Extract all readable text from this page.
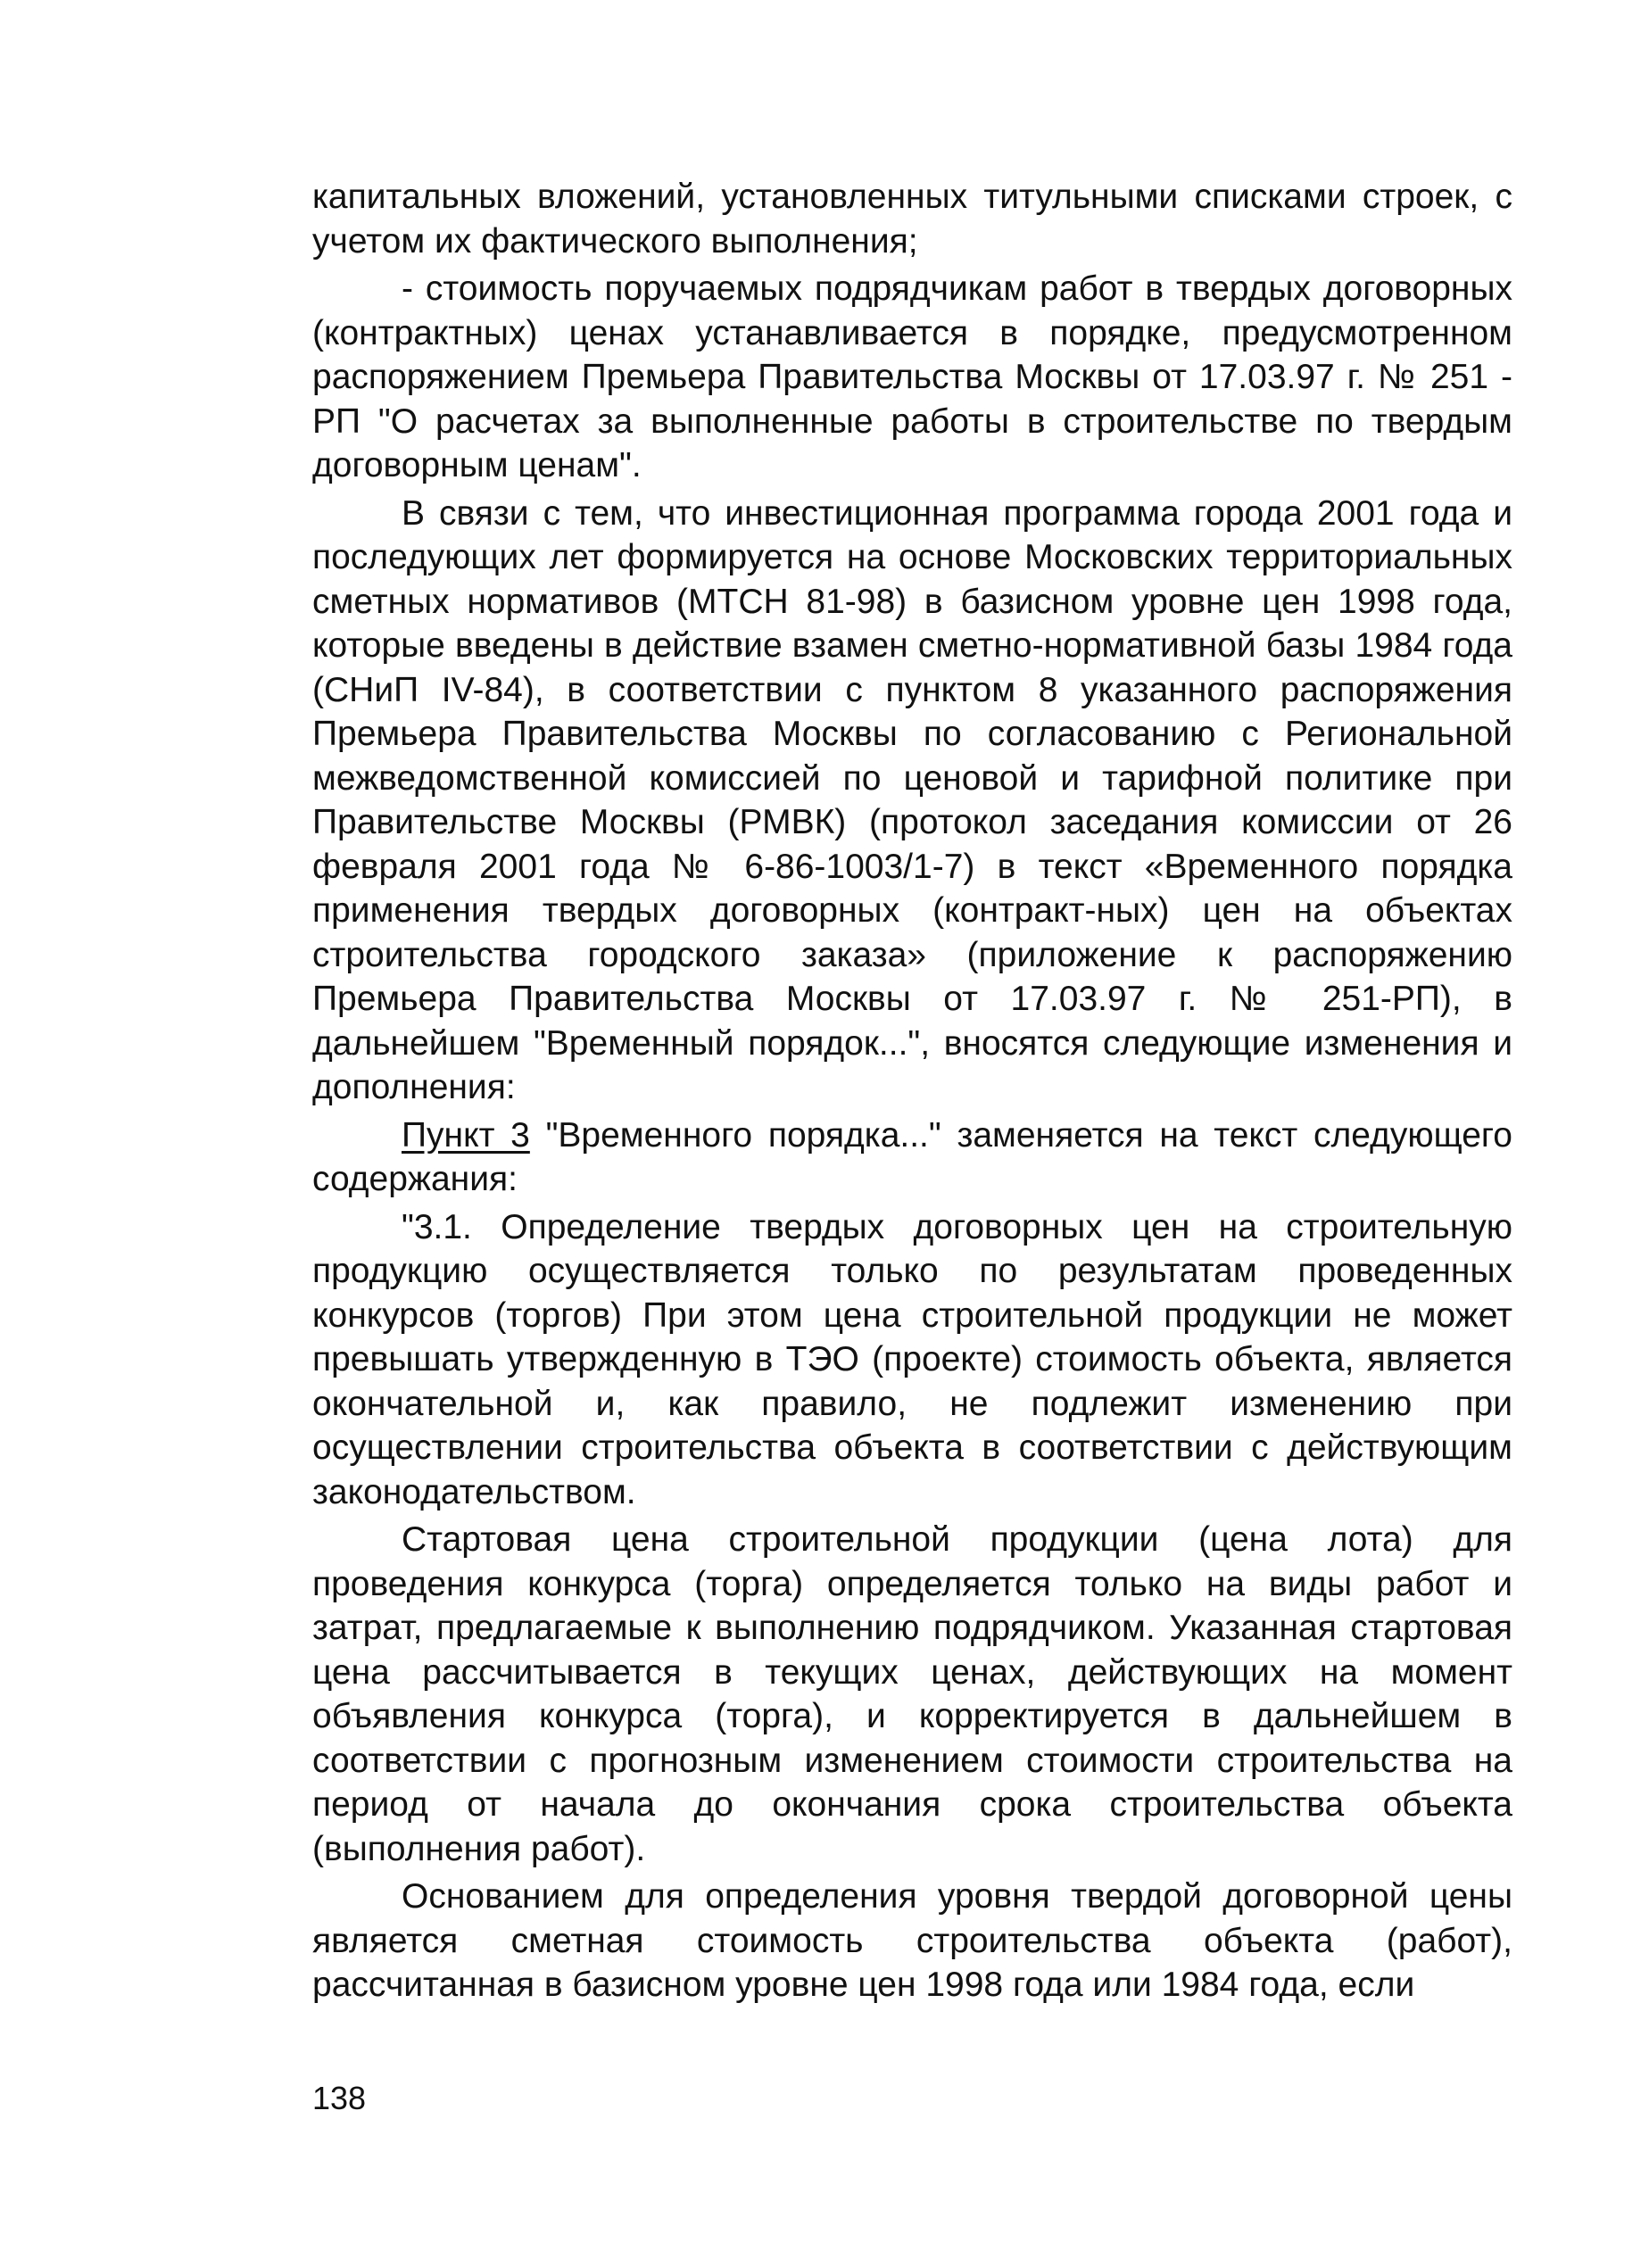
капитальных вложений, установленных титульными списками строек, с учетом их фактического выполнения;

- стоимость поручаемых подрядчикам работ в твердых договорных (контрактных) ценах устанавливается в порядке, предусмотренном распоряжением Премьера Правительства Москвы от 17.03.97 г. № 251 - РП "О расчетах за выполненные работы в строительстве по твердым договорным ценам".

В связи с тем, что инвестиционная программа города 2001 года и последующих лет формируется на основе Московских территориальных сметных нормативов (МТСН 81-98) в базисном уровне цен 1998 года, которые введены в действие взамен сметно-нормативной базы 1984 года (СНиП IV-84), в соответствии с пунктом 8 указанного распоряжения Премьера Правительства Москвы по согласованию с Региональной межведомственной комиссией по ценовой и тарифной политике при Правительстве Москвы (РМВК) (протокол заседания комиссии от 26 февраля 2001 года № 6-86-1003/1-7) в текст «Временного порядка применения твердых договорных (контракт-ных) цен на объектах строительства городского заказа» (приложение к распоряжению Премьера Правительства Москвы от 17.03.97 г. № 251-РП), в дальнейшем "Временный порядок...", вносятся следующие изменения и дополнения:

Пункт 3 "Временного порядка..." заменяется на текст следующего содержания:

"3.1. Определение твердых договорных цен на строительную продукцию осуществляется только по результатам проведенных конкурсов (торгов) При этом цена строительной продукции не может превышать утвержденную в ТЭО (проекте) стоимость объекта, является окончательной и, как правило, не подлежит изменению при осуществлении строительства объекта в соответствии с действующим законодательством.

Стартовая цена строительной продукции (цена лота) для проведения конкурса (торга) определяется только на виды работ и затрат, предлагаемые к выполнению подрядчиком. Указанная стартовая цена рассчитывается в текущих ценах, действующих на момент объявления конкурса (торга), и корректируется в дальнейшем в соответствии с прогнозным изменением стоимости строительства на период от начала до окончания срока строительства объекта (выполнения работ).

Основанием для определения уровня твердой договорной цены является сметная стоимость строительства объекта (работ), рассчитанная в базисном уровне цен 1998 года или 1984 года, если

138
